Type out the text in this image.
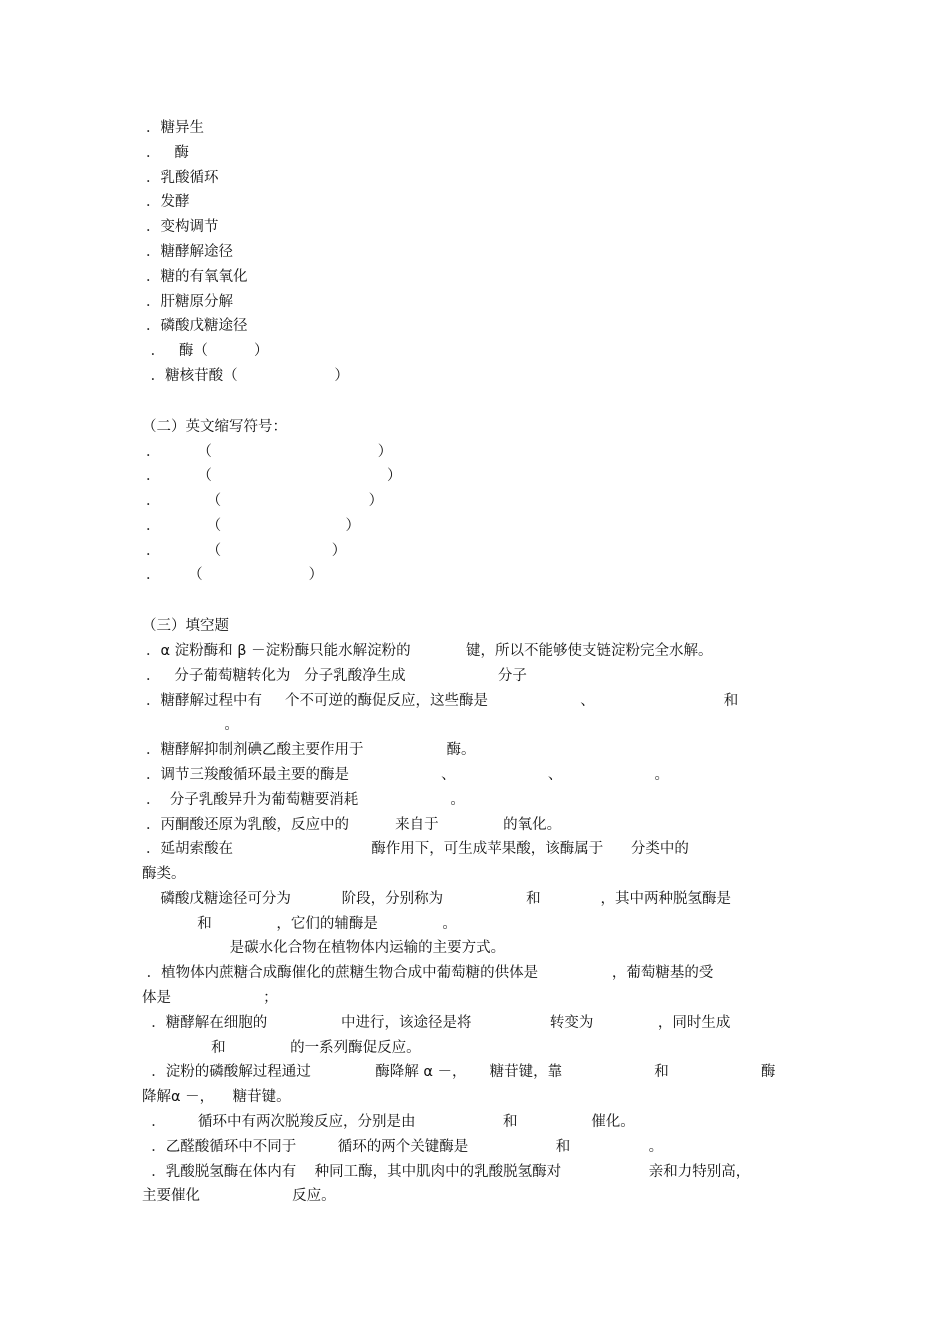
．糖异生
．   酶
．乳酸循环
．发酵
．变构调节
．糖酵解途径
．糖的有氧氧化
．肝糖原分解
．磷酸戊糖途径
．   酶（          ）
．糖核苷酸（                     ）
（二）英文缩写符号：
．        （                                    ）
．        （                                      ）
．          （                                ）
．          （                           ）
．          （                        ）
．      （                       ）
（三）填空题
．α 淀粉酶和 β －淀粉酶只能水解淀粉的            键，所以不能够使支链淀粉完全水解。
．   分子葡萄糖转化为   分子乳酸净生成                    分子
．糖酵解过程中有     个不可逆的酶促反应，这些酶是                    、                            和
。
．糖酵解抑制剂碘乙酸主要作用于                  酶。
．调节三羧酸循环最主要的酶是                    、                    、                    。
．  分子乳酸异升为葡萄糖要消耗                    。
．丙酮酸还原为乳酸，反应中的          来自于              的氧化。
．延胡索酸在                              酶作用下，可生成苹果酸，该酶属于      分类中的
酶类。
磷酸戊糖途径可分为           阶段，分别称为                  和             ，其中两种脱氢酶是
和              ，它们的辅酶是              。
是碳水化合物在植物体内运输的主要方式。
．植物体内蔗糖合成酶催化的蔗糖生物合成中葡萄糖的供体是                ，葡萄糖基的受
体是                    ；
．糖酵解在细胞的                中进行，该途径是将                 转变为              ，同时生成
和              的一系列酶促反应。
．淀粉的磷酸解过程通过              酶降解 α －，     糖苷键，靠                    和                    酶
降解α －，    糖苷键。
．       循环中有两次脱羧反应，分别是由                   和                催化。
．乙醛酸循环中不同于         循环的两个关键酶是                   和                 。
．乳酸脱氢酶在体内有    种同工酶，其中肌肉中的乳酸脱氢酶对                   亲和力特别高，
主要催化                    反应。
